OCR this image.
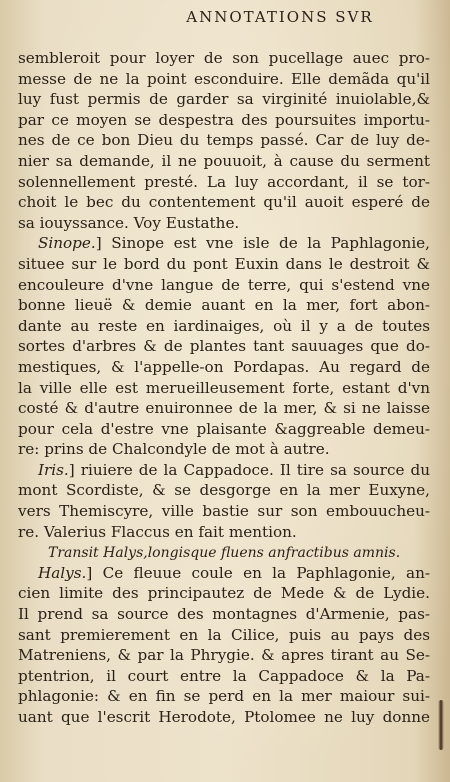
ANNOTATIONS SVR
sembleroit pour loyer de son pucellage auec pro-
messe de ne la point esconduire. Elle demãda qu'il
luy fust permis de garder sa virginité inuiolable,&
par ce moyen se despestra des poursuites importu-
nes de ce bon Dieu du temps passé. Car de luy de-
nier sa demande, il ne pouuoit, à cause du serment
solennellement presté. La luy accordant, il se tor-
choit le bec du contentement qu'il auoit esperé de
sa iouyssance. Voy Eustathe.
Sinope.] Sinope est vne isle de la Paphlagonie,
situee sur le bord du pont Euxin dans le destroit &
encouleure d'vne langue de terre, qui s'estend vne
bonne lieuë & demie auant en la mer, fort abon-
dante au reste en iardinaiges, où il y a de toutes
sortes d'arbres & de plantes tant sauuages que do-
mestiques, & l'appelle-on Pordapas. Au regard de
la ville elle est merueilleusement forte, estant d'vn
costé & d'autre enuironnee de la mer, & si ne laisse
pour cela d'estre vne plaisante &aggreable demeu-
re: prins de Chalcondyle de mot à autre.
Iris.] riuiere de la Cappadoce. Il tire sa source du
mont Scordiste, & se desgorge en la mer Euxyne,
vers Themiscyre, ville bastie sur son embouucheu-
re. Valerius Flaccus en fait mention.
Transit Halys,longisque fluens anfractibus amnis.
Halys.] Ce fleuue coule en la Paphlagonie, an-
cien limite des principautez de Mede & de Lydie.
Il prend sa source des montagnes d'Armenie, pas-
sant premierement en la Cilice, puis au pays des
Matreniens, & par la Phrygie. & apres tirant au Se-
ptentrion, il court entre la Cappadoce & la Pa-
phlagonie: & en fin se perd en la mer maiour sui-
uant que l'escrit Herodote, Ptolomee ne luy donne
